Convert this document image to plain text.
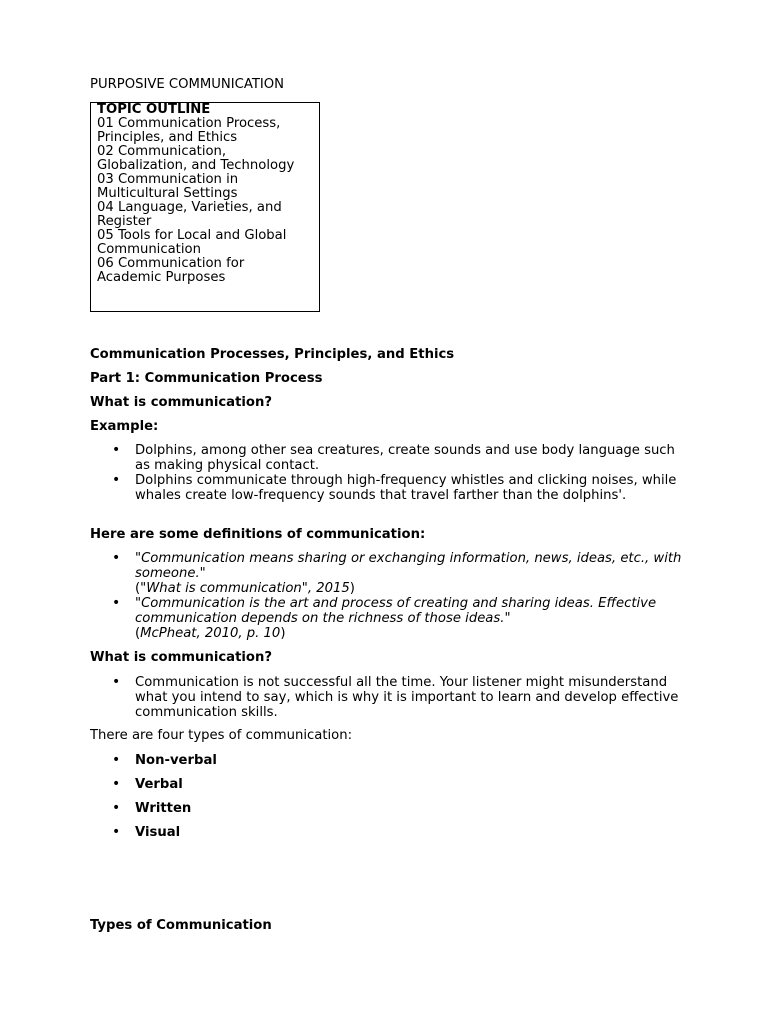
PURPOSIVE COMMUNICATION
TOPIC OUTLINE
01 Communication Process,
Principles, and Ethics
02 Communication,
Globalization, and Technology
03 Communication in
Multicultural Settings
04 Language, Varieties, and
Register
05 Tools for Local and Global
Communication
06 Communication for
Academic Purposes
Communication Processes, Principles, and Ethics
Part 1: Communication Process
What is communication?
Example:
• Dolphins, among other sea creatures, create sounds and use body language such as making physical contact.
• Dolphins communicate through high-frequency whistles and clicking noises, while whales create low-frequency sounds that travel farther than the dolphins'.
Here are some definitions of communication:
• "Communication means sharing or exchanging information, news, ideas, etc., with someone."
("What is communication", 2015)
• "Communication is the art and process of creating and sharing ideas. Effective communication depends on the richness of those ideas."
(McPheat, 2010, p. 10)
What is communication?
• Communication is not successful all the time. Your listener might misunderstand what you intend to say, which is why it is important to learn and develop effective communication skills.
There are four types of communication:
• Non-verbal
• Verbal
• Written
• Visual
Types of Communication
